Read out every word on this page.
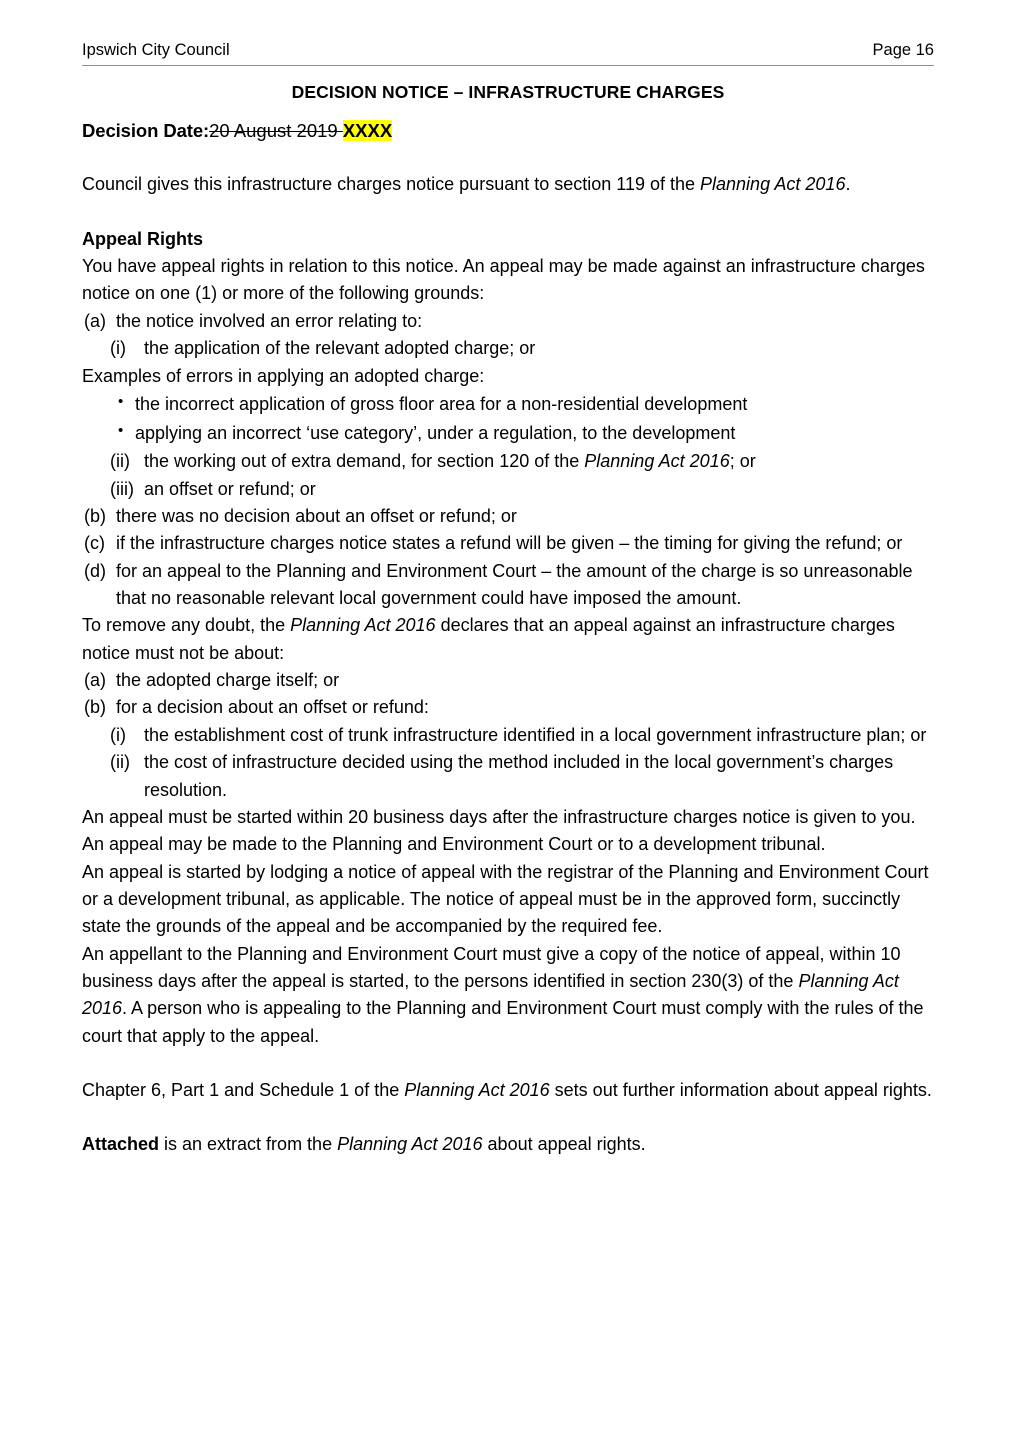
Ipswich City Council	Page 16
DECISION NOTICE – INFRASTRUCTURE CHARGES

Decision Date:20 August 2019 XXXX

Council gives this infrastructure charges notice pursuant to section 119 of the Planning Act 2016.

Appeal Rights

You have appeal rights in relation to this notice. An appeal may be made against an infrastructure charges notice on one (1) or more of the following grounds:

(a) the notice involved an error relating to:
(i)	the application of the relevant adopted charge; or

Examples of errors in applying an adopted charge:

• the incorrect application of gross floor area for a non-residential development
• applying an incorrect ‘use category’, under a regulation, to the development
(ii) the working out of extra demand, for section 120 of the Planning Act 2016; or
(iii) an offset or refund; or
(b) there was no decision about an offset or refund; or
(c) if the infrastructure charges notice states a refund will be given – the timing for giving the refund; or
(d) for an appeal to the Planning and Environment Court – the amount of the charge is so unreasonable that no reasonable relevant local government could have imposed the amount.

To remove any doubt, the Planning Act 2016 declares that an appeal against an infrastructure charges notice must not be about:

(a) the adopted charge itself; or
(b) for a decision about an offset or refund:
(i)	the establishment cost of trunk infrastructure identified in a local government infrastructure plan; or
(ii) the cost of infrastructure decided using the method included in the local government’s charges resolution.

An appeal must be started within 20 business days after the infrastructure charges notice is given to you.

An appeal may be made to the Planning and Environment Court or to a development tribunal.

An appeal is started by lodging a notice of appeal with the registrar of the Planning and Environment Court or a development tribunal, as applicable. The notice of appeal must be in the approved form, succinctly state the grounds of the appeal and be accompanied by the required fee.

An appellant to the Planning and Environment Court must give a copy of the notice of appeal, within 10 business days after the appeal is started, to the persons identified in section 230(3) of the Planning Act 2016. A person who is appealing to the Planning and Environment Court must comply with the rules of the court that apply to the appeal.

Chapter 6, Part 1 and Schedule 1 of the Planning Act 2016 sets out further information about appeal rights.

Attached is an extract from the Planning Act 2016 about appeal rights.
